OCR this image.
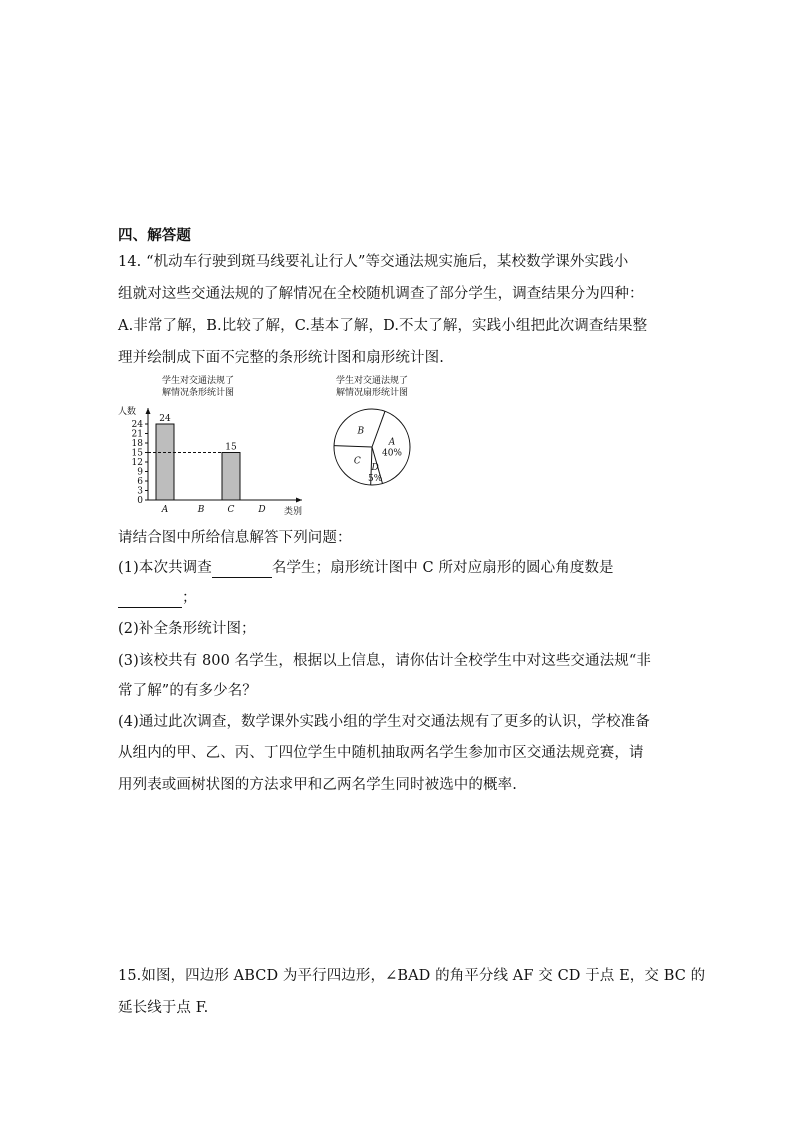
四、解答题
14. “机动车行驶到斑马线要礼让行人”等交通法规实施后，某校数学课外实践小
组就对这些交通法规的了解情况在全校随机调查了部分学生，调查结果分为四种：
A.非常了解，B.比较了解，C.基本了解，D.不太了解，实践小组把此次调查结果整
理并绘制成下面不完整的条形统计图和扇形统计图.
学生对交通法规了
解情况条形统计图
人数
0
3
6
9
12
15
18
21
24
A	B	C	D
24
15
类别
学生对交通法规了
解情况扇形统计图
A
40%
B
C
D
5%
请结合图中所给信息解答下列问题：
(1)本次共调查	名学生；扇形统计图中 C 所对应扇形的圆心角度数是
；
(2)补全条形统计图；
(3)该校共有 800 名学生，根据以上信息，请你估计全校学生中对这些交通法规“非
常了解”的有多少名？
(4)通过此次调查，数学课外实践小组的学生对交通法规有了更多的认识，学校准备
从组内的甲、乙、丙、丁四位学生中随机抽取两名学生参加市区交通法规竞赛，请
用列表或画树状图的方法求甲和乙两名学生同时被选中的概率.
15.如图，四边形 ABCD 为平行四边形，∠BAD 的角平分线 AF 交 CD 于点 E，交 BC 的
延长线于点 F.
